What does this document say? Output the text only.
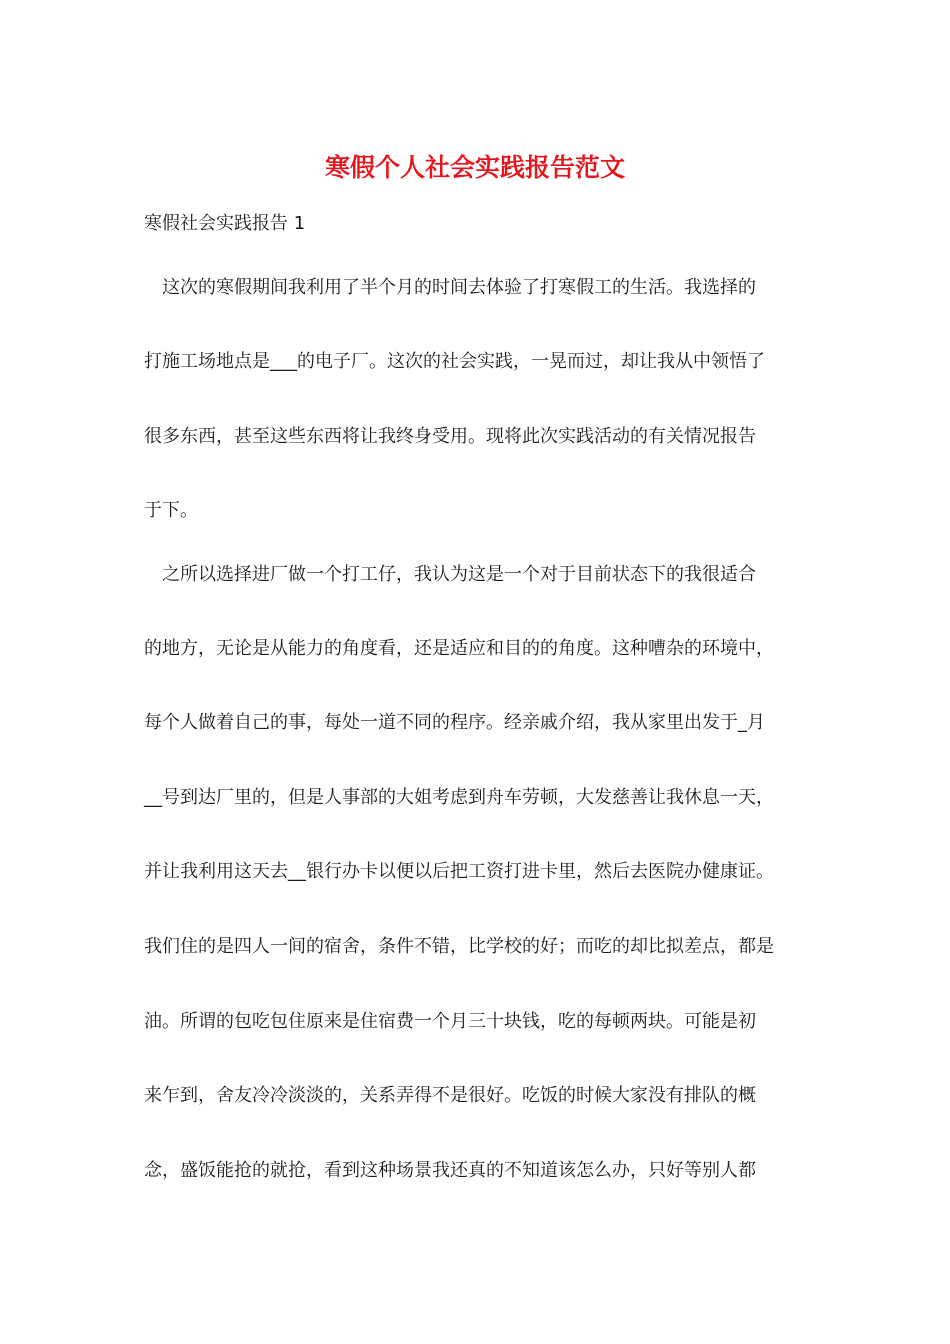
寒假个人社会实践报告范文

寒假社会实践报告 1

　这次的寒假期间我利用了半个月的时间去体验了打寒假工的生活。我选择的

打施工场地点是___的电子厂。这次的社会实践，一晃而过，却让我从中领悟了

很多东西，甚至这些东西将让我终身受用。现将此次实践活动的有关情况报告

于下。

　之所以选择进厂做一个打工仔，我认为这是一个对于目前状态下的我很适合

的地方，无论是从能力的角度看，还是适应和目的的角度。这种嘈杂的环境中，

每个人做着自己的事，每处一道不同的程序。经亲戚介绍，我从家里出发于_月

__号到达厂里的，但是人事部的大姐考虑到舟车劳顿，大发慈善让我休息一天，

并让我利用这天去__银行办卡以便以后把工资打进卡里，然后去医院办健康证。

我们住的是四人一间的宿舍，条件不错，比学校的好；而吃的却比拟差点，都是

油。所谓的包吃包住原来是住宿费一个月三十块钱，吃的每顿两块。可能是初

来乍到，舍友冷冷淡淡的，关系弄得不是很好。吃饭的时候大家没有排队的概

念，盛饭能抢的就抢，看到这种场景我还真的不知道该怎么办，只好等别人都
